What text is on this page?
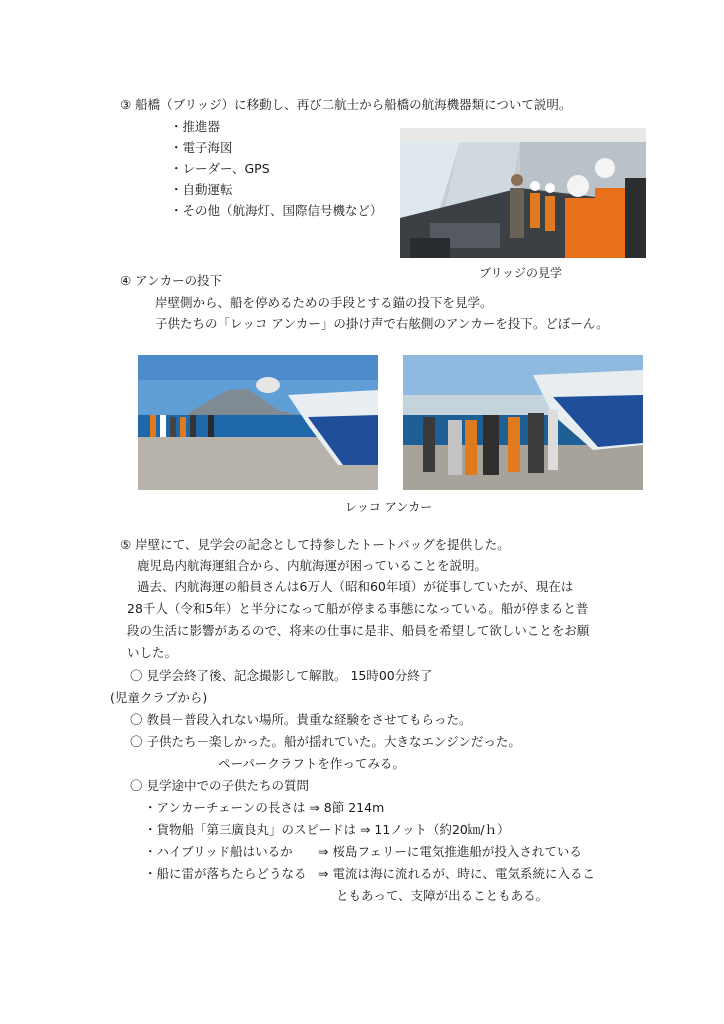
③ 船橋（ブリッジ）に移動し、再び二航士から船橋の航海機器類について説明。
・推進器
・電子海図
・レーダー、GPS
・自動運転
・その他（航海灯、国際信号機など）
ブリッジの見学
④ アンカーの投下
岸壁側から、船を停めるための手段とする錨の投下を見学。
子供たちの「レッコ アンカー」の掛け声で右舷側のアンカーを投下。どぼーん。
レッコ アンカー
⑤ 岸壁にて、見学会の記念として持参したトートバッグを提供した。
鹿児島内航海運組合から、内航海運が困っていることを説明。
過去、内航海運の船員さんは6万人（昭和60年頃）が従事していたが、現在は
28千人（令和5年）と半分になって船が停まる事態になっている。船が停まると普
段の生活に影響があるので、将来の仕事に是非、船員を希望して欲しいことをお願
いした。
〇 見学会終了後、記念撮影して解散。 15時00分終了
(児童クラブから)
〇 教員－普段入れない場所。貴重な経験をさせてもらった。
〇 子供たち－楽しかった。船が揺れていた。大きなエンジンだった。
ペーパークラフトを作ってみる。
〇 見学途中での子供たちの質問
・アンカーチェーンの長さは ⇒ 8節 214m
・貨物船「第三廣良丸」のスピードは ⇒ 11ノット（約20㎞/ｈ）
・ハイブリッド船はいるか ⇒ 桜島フェリーに電気推進船が投入されている
・船に雷が落ちたらどうなる ⇒ 電流は海に流れるが、時に、電気系統に入るこ
ともあって、支障が出ることもある。
